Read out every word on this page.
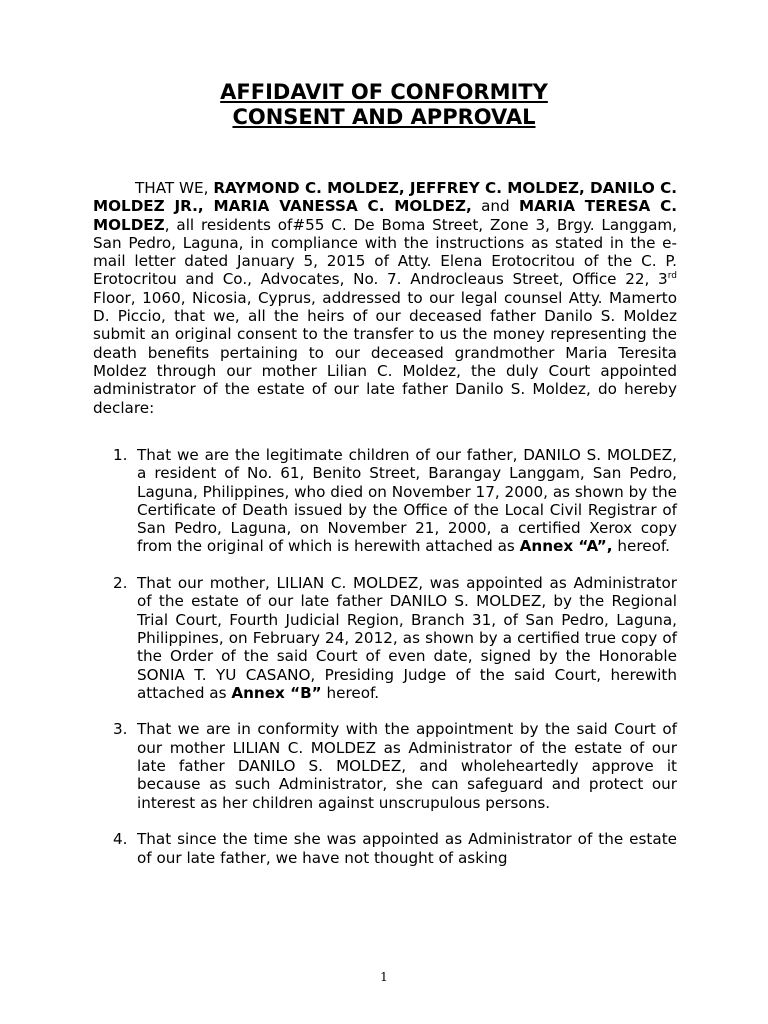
AFFIDAVIT OF CONFORMITY
CONSENT AND APPROVAL

THAT WE, RAYMOND C. MOLDEZ, JEFFREY C. MOLDEZ, DANILO C. MOLDEZ JR., MARIA VANESSA C. MOLDEZ, and MARIA TERESA C. MOLDEZ, all residents of#55 C. De Boma Street, Zone 3, Brgy. Langgam, San Pedro, Laguna, in compliance with the instructions as stated in the e-mail letter dated January 5, 2015 of Atty. Elena Erotocritou of the C. P. Erotocritou and Co., Advocates, No. 7. Androcleaus Street, Office 22, 3rd Floor, 1060, Nicosia, Cyprus, addressed to our legal counsel Atty. Mamerto D. Piccio, that we, all the heirs of our deceased father Danilo S. Moldez submit an original consent to the transfer to us the money representing the death benefits pertaining to our deceased grandmother Maria Teresita Moldez through our mother Lilian C. Moldez, the duly Court appointed administrator of the estate of our late father Danilo S. Moldez, do hereby declare:

1. That we are the legitimate children of our father, DANILO S. MOLDEZ, a resident of No. 61, Benito Street, Barangay Langgam, San Pedro, Laguna, Philippines, who died on November 17, 2000, as shown by the Certificate of Death issued by the Office of the Local Civil Registrar of San Pedro, Laguna, on November 21, 2000, a certified Xerox copy from the original of which is herewith attached as Annex “A”, hereof.
2. That our mother, LILIAN C. MOLDEZ, was appointed as Administrator of the estate of our late father DANILO S. MOLDEZ, by the Regional Trial Court, Fourth Judicial Region, Branch 31, of San Pedro, Laguna, Philippines, on February 24, 2012, as shown by a certified true copy of the Order of the said Court of even date, signed by the Honorable SONIA T. YU CASANO, Presiding Judge of the said Court, herewith attached as Annex “B” hereof.
3. That we are in conformity with the appointment by the said Court of our mother LILIAN C. MOLDEZ as Administrator of the estate of our late father DANILO S. MOLDEZ, and wholeheartedly approve it because as such Administrator, she can safeguard and protect our interest as her children against unscrupulous persons.
4. That since the time she was appointed as Administrator of the estate of our late father, we have not thought of asking
1
